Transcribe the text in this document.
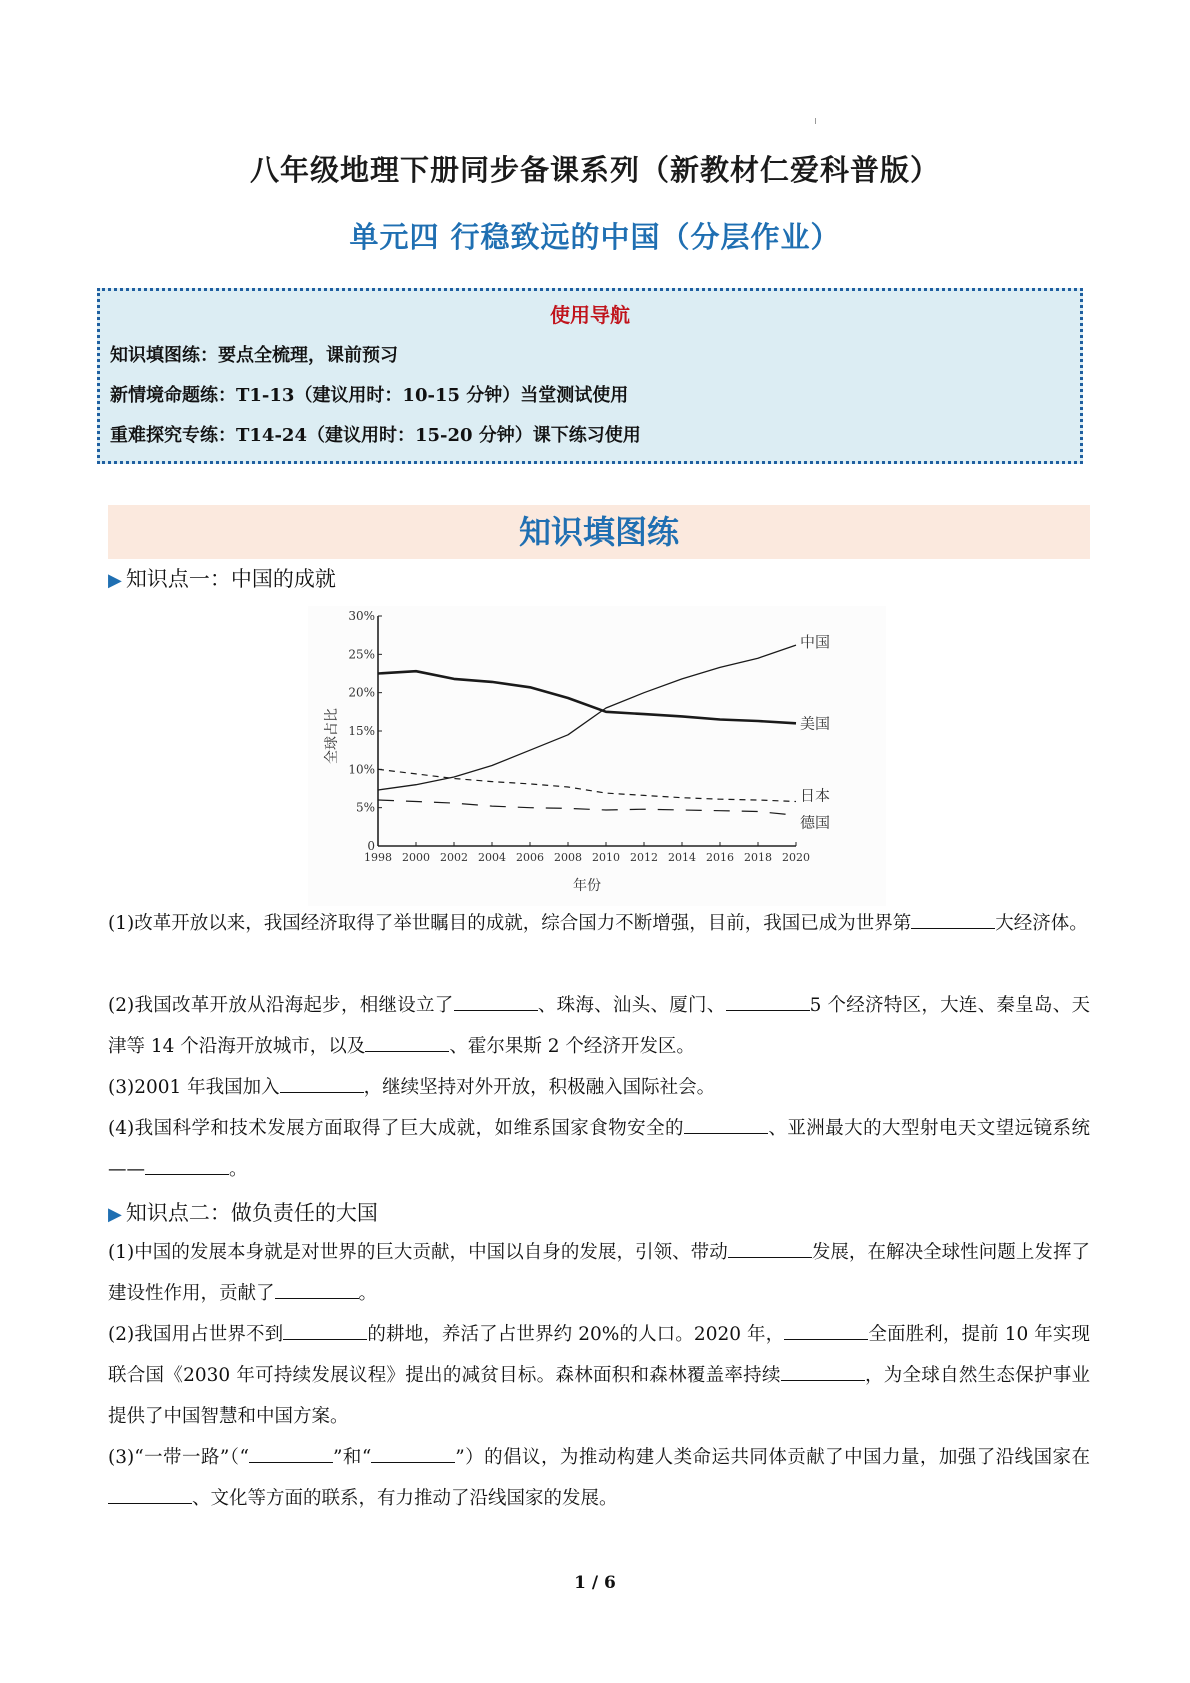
八年级地理下册同步备课系列（新教材仁爱科普版）
单元四 行稳致远的中国（分层作业）
使用导航
知识填图练：要点全梳理，课前预习
新情境命题练：T1-13（建议用时：10-15 分钟）当堂测试使用
重难探究专练：T14-24（建议用时：15-20 分钟）课下练习使用
知识填图练
▶ 知识点一：中国的成就
0
5%
10%
15%
20%
25%
30%
1998 2000 2002 2004 2006 2008 2010 2012 2014 2016 2018 2020
年份
全球占比
中国
美国
日本
德国
(1)改革开放以来，我国经济取得了举世瞩目的成就，综合国力不断增强，目前，我国已成为世界第	大经济体。
(2)我国改革开放从沿海起步，相继设立了	、珠海、汕头、厦门、	5 个经济特区，大连、秦皇岛、天津等 14 个沿海开放城市，以及	、霍尔果斯 2 个经济开发区。
(3)2001 年我国加入	，继续坚持对外开放，积极融入国际社会。
(4)我国科学和技术发展方面取得了巨大成就，如维系国家食物安全的	、亚洲最大的大型射电天文望远镜系统——	。
▶ 知识点二：做负责任的大国
(1)中国的发展本身就是对世界的巨大贡献，中国以自身的发展，引领、带动	发展，在解决全球性问题上发挥了建设性作用，贡献了	。
(2)我国用占世界不到	的耕地，养活了占世界约 20%的人口。2020 年，	全面胜利，提前 10 年实现联合国《2030 年可持续发展议程》提出的减贫目标。森林面积和森林覆盖率持续	，为全球自然生态保护事业提供了中国智慧和中国方案。
(3)“一带一路”（“	”和“	”）的倡议，为推动构建人类命运共同体贡献了中国力量，加强了沿线国家在、文化等方面的联系，有力推动了沿线国家的发展。
1 / 6
